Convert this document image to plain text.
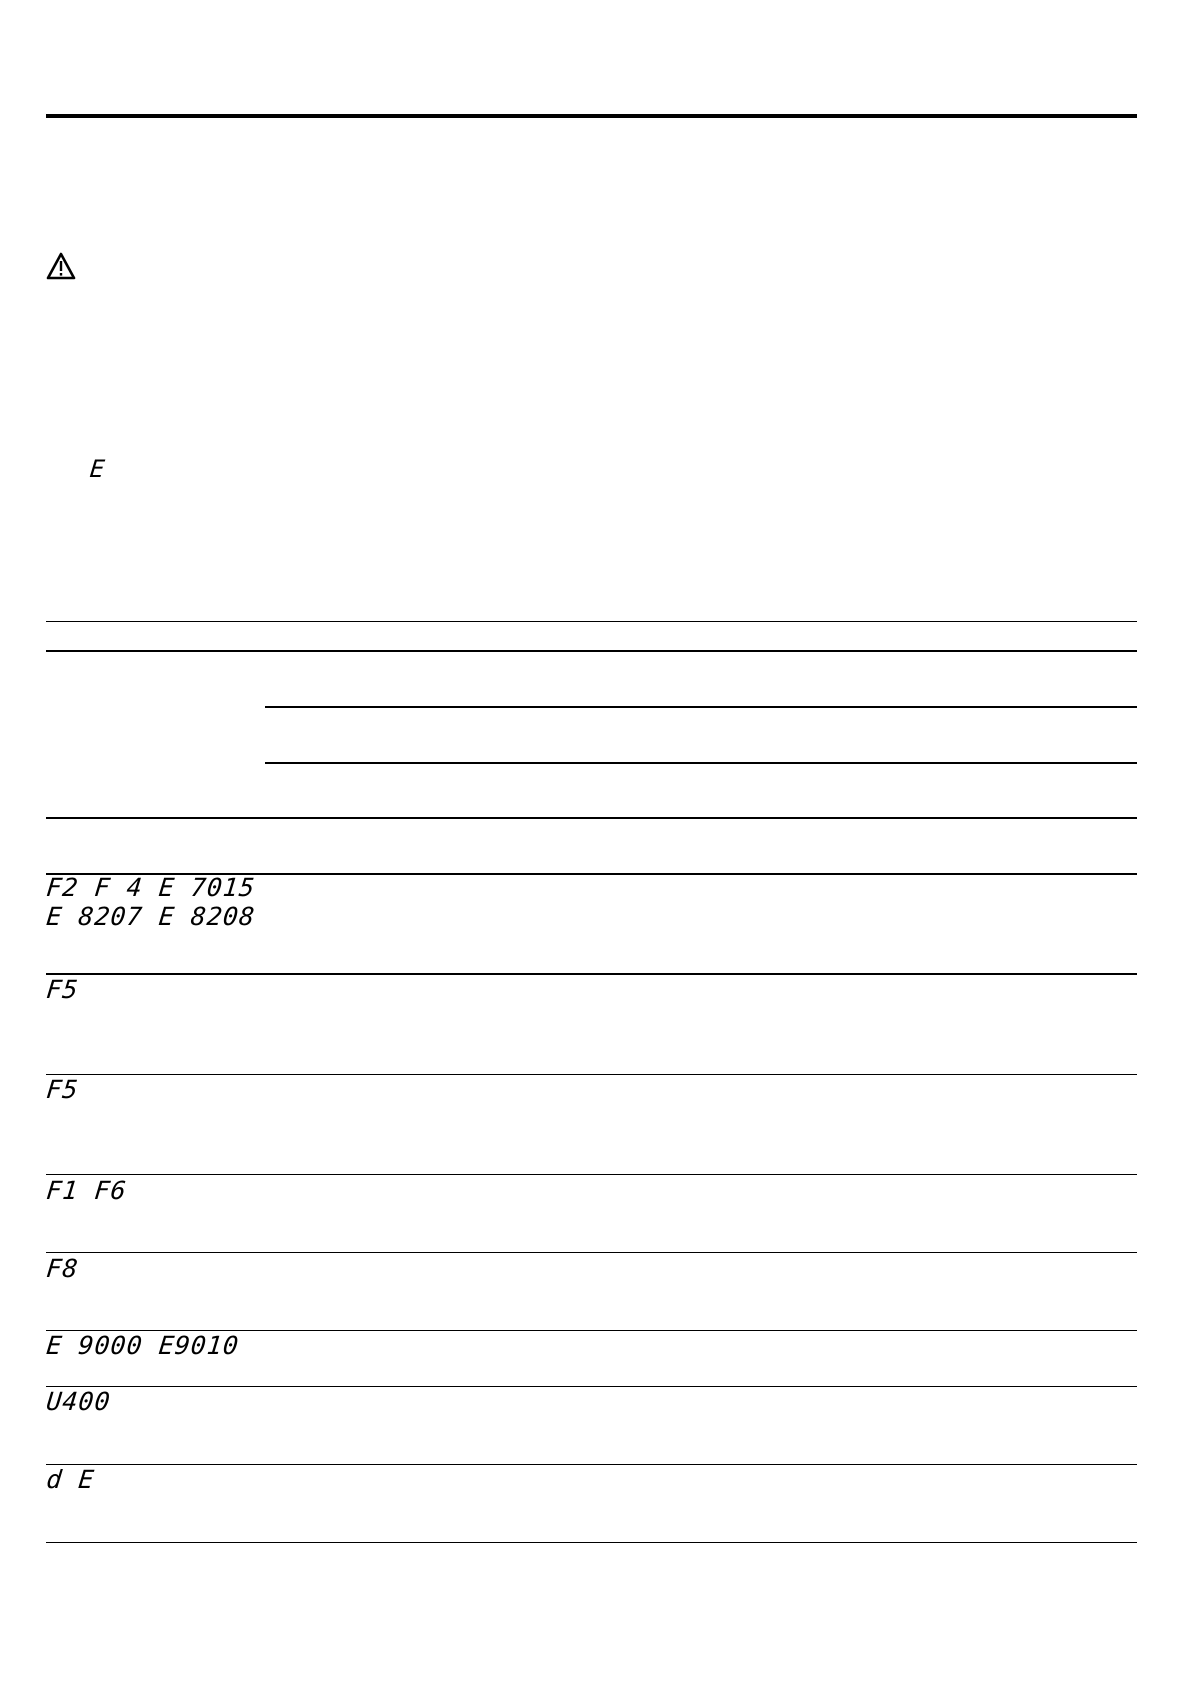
E
F2 F 4 E 7015
E 8207 E 8208
F5
F5
F1 F6
F8
E 9000 E9010
U400
d E
